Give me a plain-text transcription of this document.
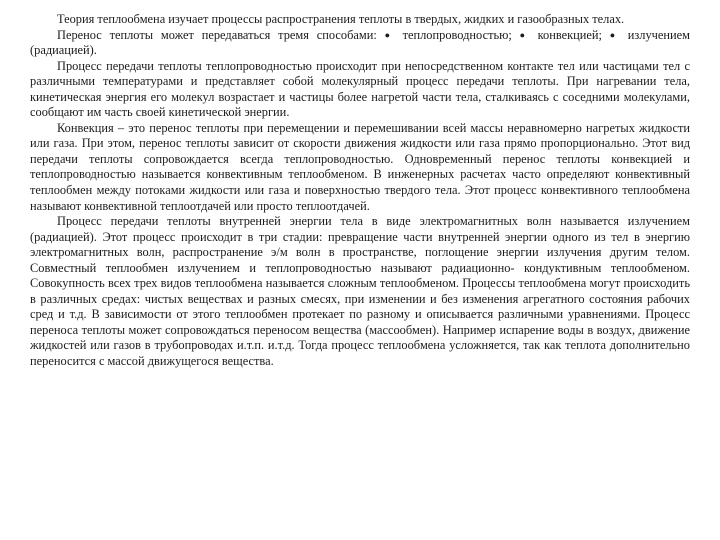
Теория теплообмена изучает процессы распространения теплоты в твердых, жидких и газообразных телах.

Перенос теплоты может передаваться тремя способами: ● теплопроводностью; ● конвекцией; ● излучением (радиацией).

Процесс передачи теплоты теплопроводностью происходит при непосредственном контакте тел или частицами тел с различными температурами и представляет собой молекулярный процесс передачи теплоты. При нагревании тела, кинетическая энергия его молекул возрастает и частицы более нагретой части тела, сталкиваясь с соседними молекулами, сообщают им часть своей кинетической энергии.

Конвекция – это перенос теплоты при перемещении и перемешивании всей массы неравномерно нагретых жидкости или газа. При этом, перенос теплоты зависит от скорости движения жидкости или газа прямо пропорционально. Этот вид передачи теплоты сопровождается всегда теплопроводностью. Одновременный перенос теплоты конвекцией и теплопроводностью называется конвективным теплообменом. В инженерных расчетах часто определяют конвективный теплообмен между потоками жидкости или газа и поверхностью твердого тела. Этот процесс конвективного теплообмена называют конвективной теплоотдачей или просто теплоотдачей.

Процесс передачи теплоты внутренней энергии тела в виде электромагнитных волн называется излучением (радиацией). Этот процесс происходит в три стадии: превращение части внутренней энергии одного из тел в энергию электромагнитных волн, распространение э/м волн в пространстве, поглощение энергии излучения другим телом. Совместный теплообмен излучением и теплопроводностью называют радиационно- кондуктивным теплообменом. Совокупность всех трех видов теплообмена называется сложным теплообменом. Процессы теплообмена могут происходить в различных средах: чистых веществах и разных смесях, при изменении и без изменения агрегатного состояния рабочих сред и т.д. В зависимости от этого теплообмен протекает по разному и описывается различными уравнениями. Процесс переноса теплоты может сопровождаться переносом вещества (массообмен). Например испарение воды в воздух, движение жидкостей или газов в трубопроводах и.т.п. и.т.д. Тогда процесс теплообмена усложняется, так как теплота дополнительно переносится с массой движущегося вещества.
